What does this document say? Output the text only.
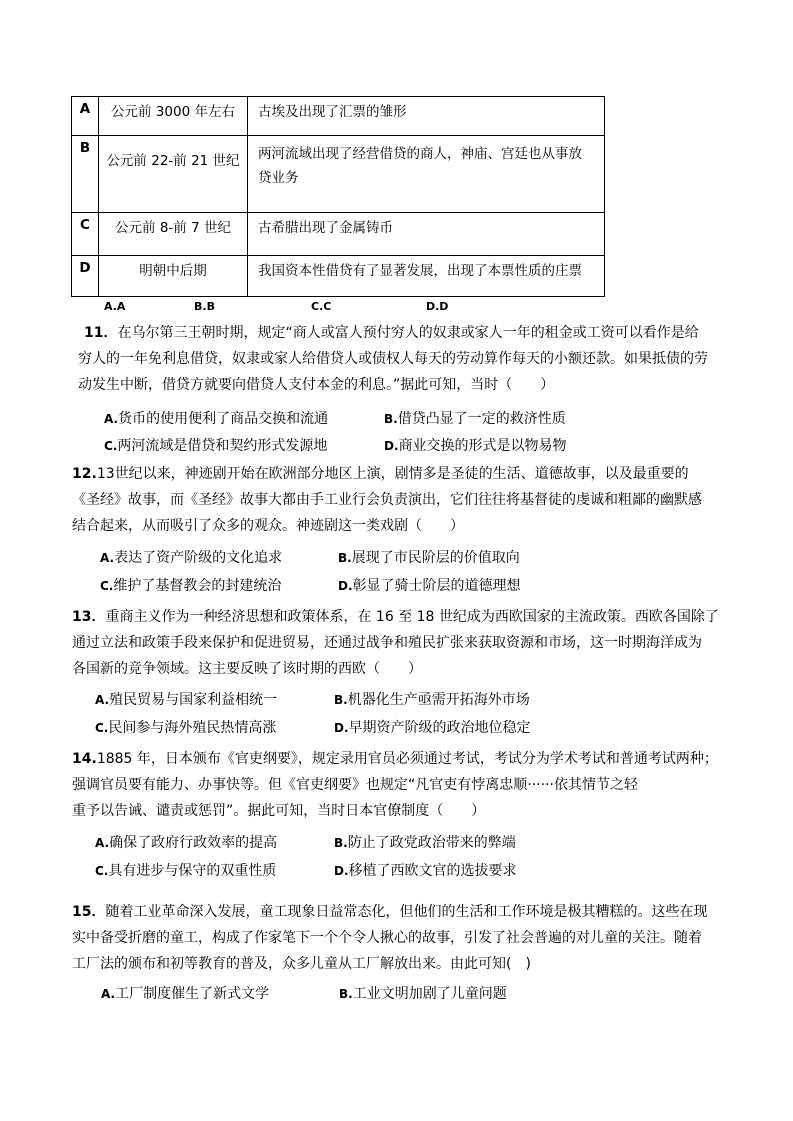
A	公元前 3000 年左右	古埃及出现了汇票的雏形

B	公元前 22-前 21 世纪	两河流域出现了经营借贷的商人，神庙、宫廷也从事放
贷业务

C	公元前 8-前 7 世纪	古希腊出现了金属铸币

D	明朝中后期	我国资本性借贷有了显著发展，出现了本票性质的庄票
A.A	B.B	C.C	D.D

11．在乌尔第三王朝时期，规定“商人或富人预付穷人的奴隶或家人一年的租金或工资可以看作是给

穷人的一年免利息借贷，奴隶或家人给借贷人或债权人每天的劳动算作每天的小额还款。如果抵债的劳

动发生中断，借贷方就要向借贷人支付本金的利息。”据此可知，当时（　　）

A.货币的使用便利了商品交换和流通	B.借贷凸显了一定的救济性质
C.两河流域是借贷和契约形式发源地	D.商业交换的形式是以物易物

12.13世纪以来，神迹剧开始在欧洲部分地区上演，剧情多是圣徒的生活、道德故事，以及最重要的

《圣经》故事，而《圣经》故事大都由手工业行会负责演出，它们往往将基督徒的虔诚和粗鄙的幽默感

结合起来，从而吸引了众多的观众。神迹剧这一类戏剧（　　）

A.表达了资产阶级的文化追求	B.展现了市民阶层的价值取向
C.维护了基督教会的封建统治	D.彰显了骑士阶层的道德理想

13．重商主义作为一种经济思想和政策体系，在 16 至 18 世纪成为西欧国家的主流政策。西欧各国除了

通过立法和政策手段来保护和促进贸易，还通过战争和殖民扩张来获取资源和市场，这一时期海洋成为

各国新的竞争领域。这主要反映了该时期的西欧（　　）

A.殖民贸易与国家利益相统一	B.机器化生产亟需开拓海外市场
C.民间参与海外殖民热情高涨	D.早期资产阶级的政治地位稳定

14.1885 年，日本颁布《官吏纲要》，规定录用官员必须通过考试，考试分为学术考试和普通考试两种；

强调官员要有能力、办事快等。但《官吏纲要》也规定“凡官吏有悖离忠顺······依其情节之轻

重予以告诫、谴责或惩罚”。据此可知，当时日本官僚制度（　　）

A.确保了政府行政效率的提高	B.防止了政党政治带来的弊端
C.具有进步与保守的双重性质	D.移植了西欧文官的选拔要求

15．随着工业革命深入发展，童工现象日益常态化，但他们的生活和工作环境是极其糟糕的。这些在现

实中备受折磨的童工，构成了作家笔下一个个令人揪心的故事，引发了社会普遍的对儿童的关注。随着

工厂法的颁布和初等教育的普及，众多儿童从工厂解放出来。由此可知(　)

A.工厂制度催生了新式文学	B.工业文明加剧了儿童问题
